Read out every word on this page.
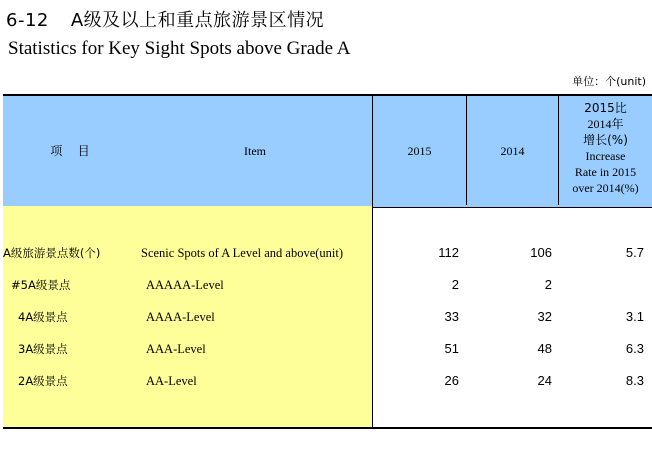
6-12 A级及以上和重点旅游景区情况
Statistics for Key Sight Spots above Grade A
单位：个(unit)
项    目	Item	2015	2014
2015比
2014年
增长(%)
Increase
Rate in 2015
over 2014(%)
A级旅游景点数(个)	Scenic Spots of A Level and above(unit)	112	106	5.7
#5A级景点	AAAAA-Level	2	2
4A级景点	AAAA-Level	33	32	3.1
3A级景点	AAA-Level	51	48	6.3
2A级景点	AA-Level	26	24	8.3
